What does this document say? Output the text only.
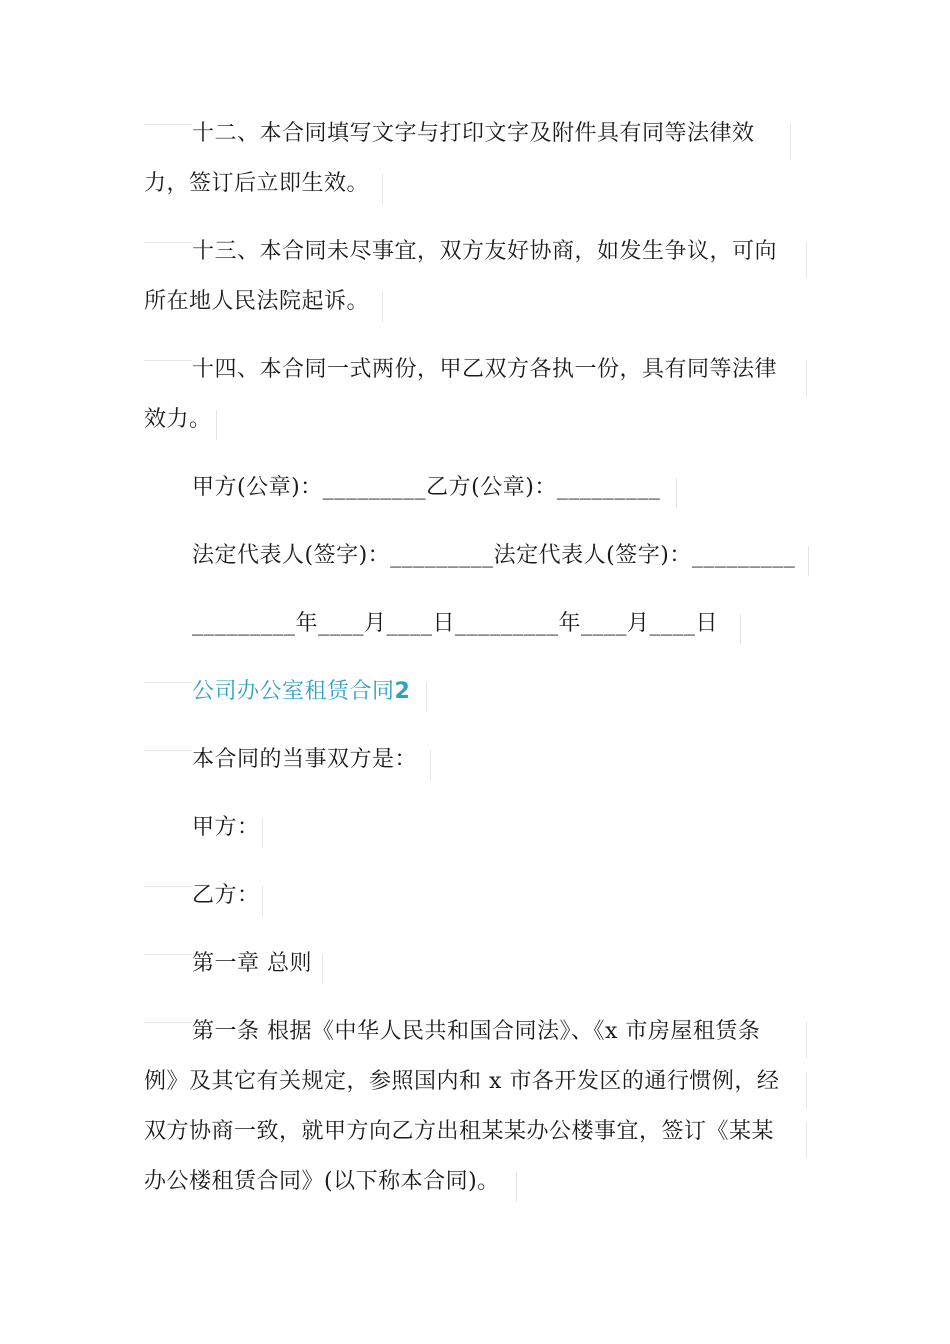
十二、本合同填写文字与打印文字及附件具有同等法律效
力，签订后立即生效。
十三、本合同未尽事宜，双方友好协商，如发生争议，可向
所在地人民法院起诉。
十四、本合同一式两份，甲乙双方各执一份，具有同等法律
效力。
甲方(公章)：_________乙方(公章)：_________
法定代表人(签字)：_________法定代表人(签字)：_________
_________年____月____日_________年____月____日
公司办公室租赁合同2
本合同的当事双方是：
甲方：
乙方：
第一章 总则
第一条 根据《中华人民共和国合同法》、《x 市房屋租赁条
例》及其它有关规定，参照国内和 x 市各开发区的通行惯例，经
双方协商一致，就甲方向乙方出租某某办公楼事宜，签订《某某
办公楼租赁合同》(以下称本合同)。
